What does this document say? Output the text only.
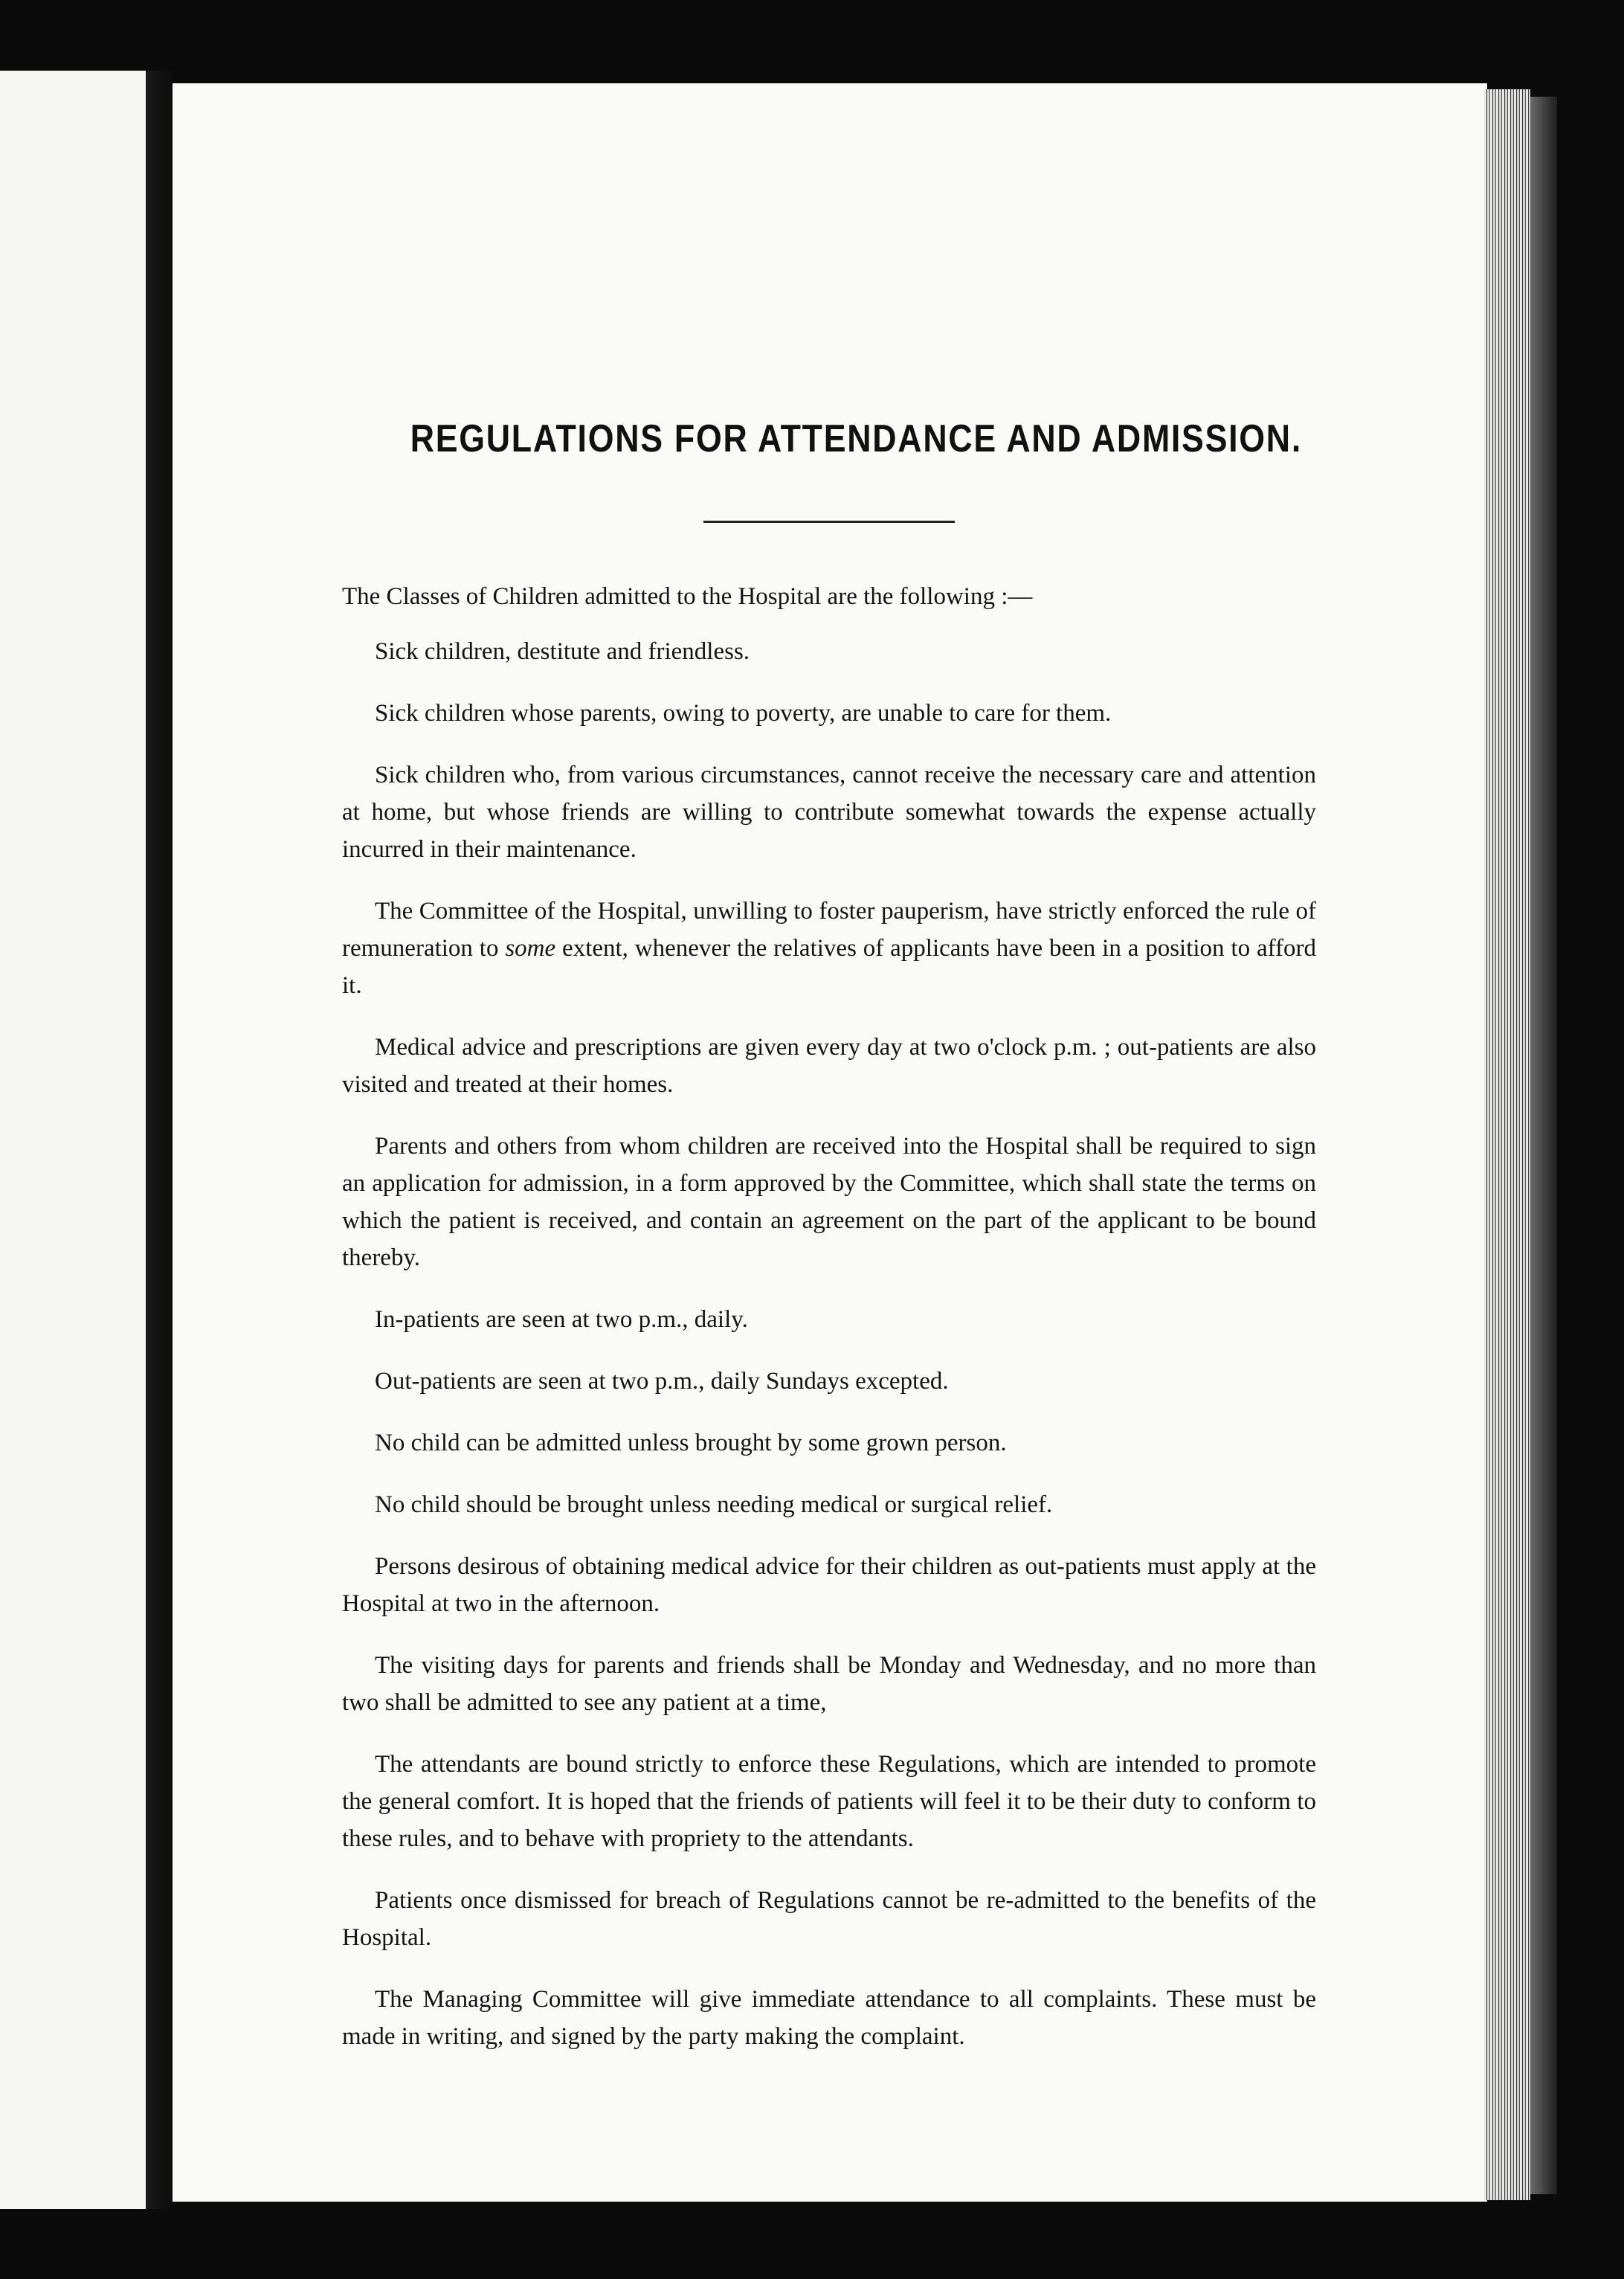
REGULATIONS FOR ATTENDANCE AND ADMISSION.
The Classes of Children admitted to the Hospital are the following :—

Sick children, destitute and friendless.

Sick children whose parents, owing to poverty, are unable to care for them.

Sick children who, from various circumstances, cannot receive the necessary care and attention at home, but whose friends are willing to contribute somewhat towards the expense actually incurred in their maintenance.

The Committee of the Hospital, unwilling to foster pauperism, have strictly enforced the rule of remuneration to some extent, whenever the relatives of applicants have been in a position to afford it.

Medical advice and prescriptions are given every day at two o'clock p.m. ; out-patients are also visited and treated at their homes.

Parents and others from whom children are received into the Hospital shall be required to sign an application for admission, in a form approved by the Committee, which shall state the terms on which the patient is received, and contain an agreement on the part of the applicant to be bound thereby.

In-patients are seen at two p.m., daily.

Out-patients are seen at two p.m., daily Sundays excepted.

No child can be admitted unless brought by some grown person.

No child should be brought unless needing medical or surgical relief.

Persons desirous of obtaining medical advice for their children as out-patients must apply at the Hospital at two in the afternoon.

The visiting days for parents and friends shall be Monday and Wednesday, and no more than two shall be admitted to see any patient at a time,

The attendants are bound strictly to enforce these Regulations, which are intended to promote the general comfort. It is hoped that the friends of patients will feel it to be their duty to conform to these rules, and to behave with propriety to the attendants.

Patients once dismissed for breach of Regulations cannot be re-admitted to the benefits of the Hospital.

The Managing Committee will give immediate attendance to all complaints. These must be made in writing, and signed by the party making the complaint.
